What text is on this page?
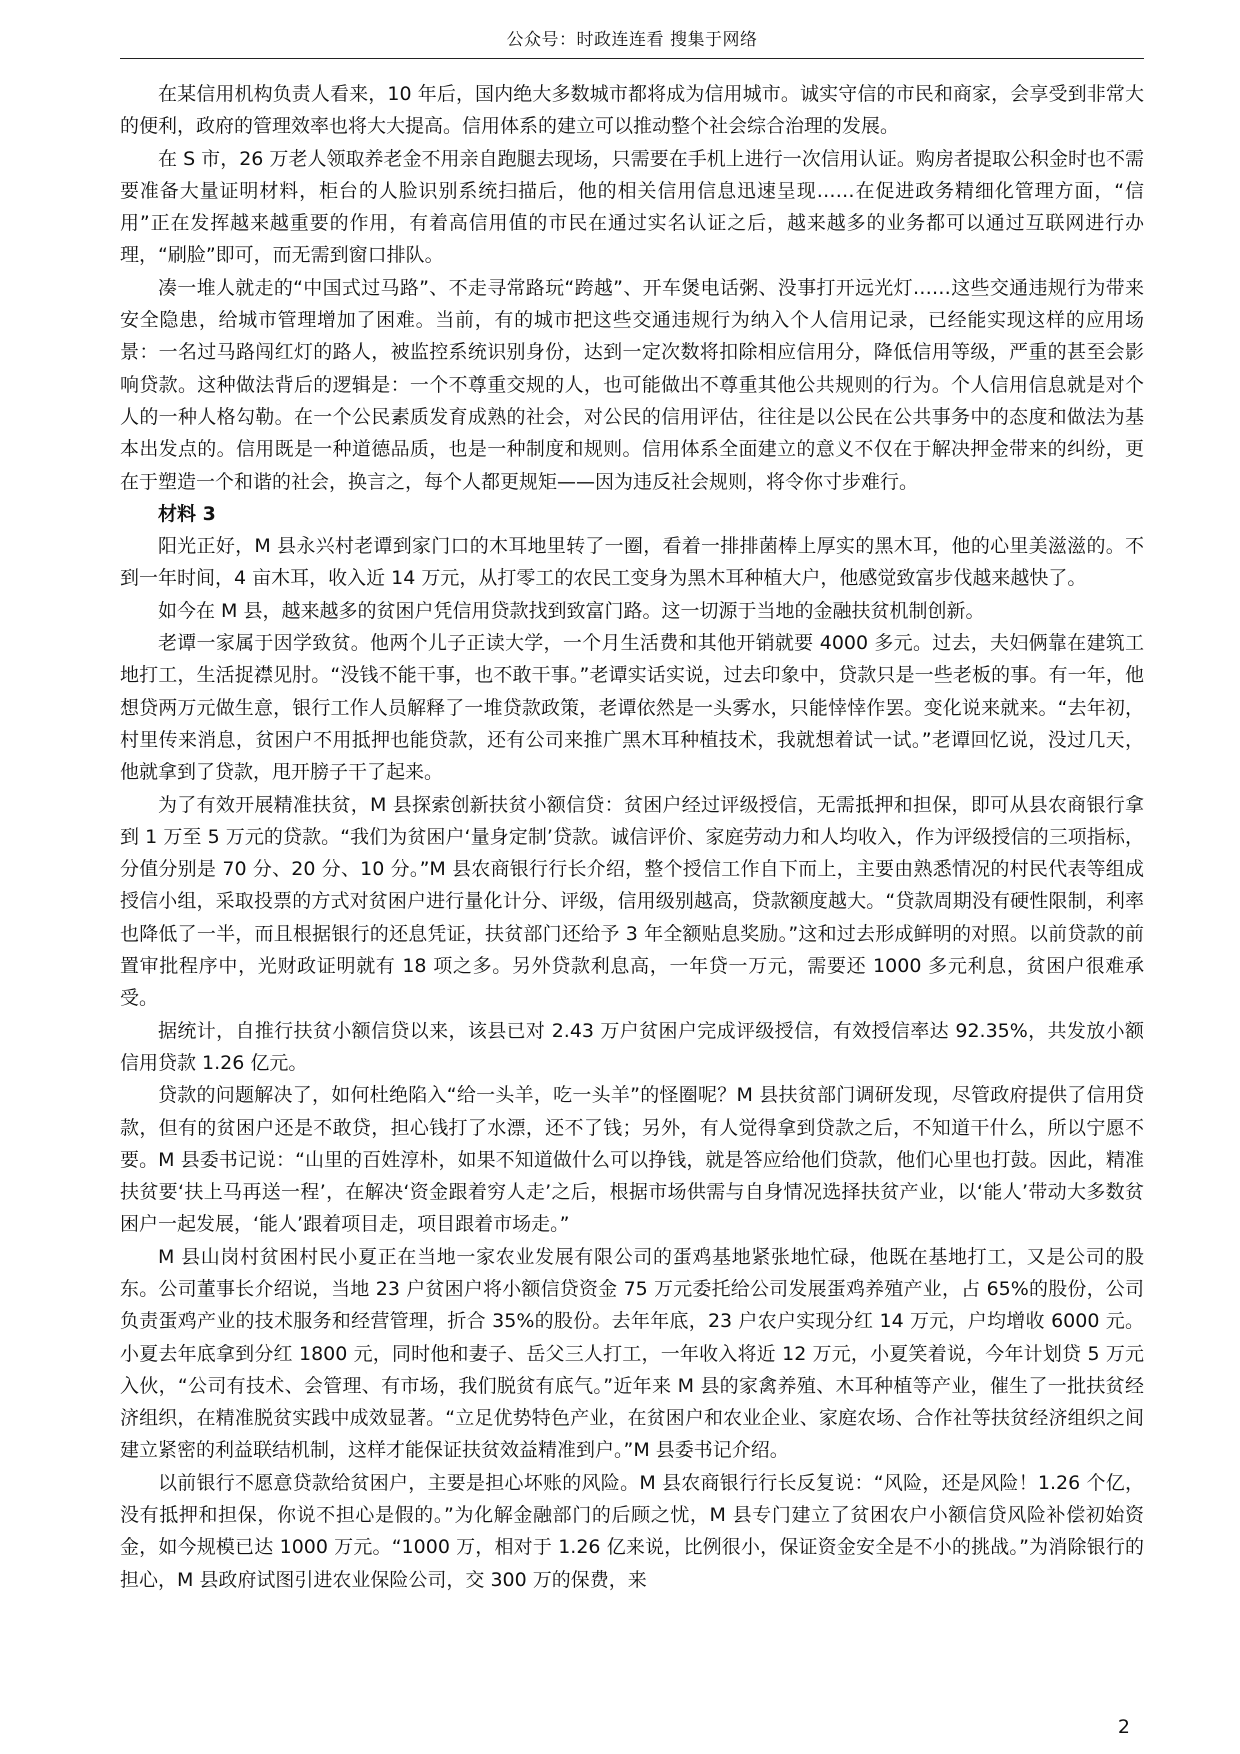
公众号：时政连连看 搜集于网络

在某信用机构负责人看来，10 年后，国内绝大多数城市都将成为信用城市。诚实守信的市民和商家，会享受到非常大的便利，政府的管理效率也将大大提高。信用体系的建立可以推动整个社会综合治理的发展。

在 S 市，26 万老人领取养老金不用亲自跑腿去现场，只需要在手机上进行一次信用认证。购房者提取公积金时也不需要准备大量证明材料，柜台的人脸识别系统扫描后，他的相关信用信息迅速呈现……在促进政务精细化管理方面，“信用”正在发挥越来越重要的作用，有着高信用值的市民在通过实名认证之后，越来越多的业务都可以通过互联网进行办理，“刷脸”即可，而无需到窗口排队。

凑一堆人就走的“中国式过马路”、不走寻常路玩“跨越”、开车煲电话粥、没事打开远光灯……这些交通违规行为带来安全隐患，给城市管理增加了困难。当前，有的城市把这些交通违规行为纳入个人信用记录，已经能实现这样的应用场景：一名过马路闯红灯的路人，被监控系统识别身份，达到一定次数将扣除相应信用分，降低信用等级，严重的甚至会影响贷款。这种做法背后的逻辑是：一个不尊重交规的人，也可能做出不尊重其他公共规则的行为。个人信用信息就是对个人的一种人格勾勒。在一个公民素质发育成熟的社会，对公民的信用评估，往往是以公民在公共事务中的态度和做法为基本出发点的。信用既是一种道德品质，也是一种制度和规则。信用体系全面建立的意义不仅在于解决押金带来的纠纷，更在于塑造一个和谐的社会，换言之，每个人都更规矩——因为违反社会规则，将令你寸步难行。

材料 3

阳光正好，M 县永兴村老谭到家门口的木耳地里转了一圈，看着一排排菌棒上厚实的黑木耳，他的心里美滋滋的。不到一年时间，4 亩木耳，收入近 14 万元，从打零工的农民工变身为黑木耳种植大户，他感觉致富步伐越来越快了。

如今在 M 县，越来越多的贫困户凭信用贷款找到致富门路。这一切源于当地的金融扶贫机制创新。

老谭一家属于因学致贫。他两个儿子正读大学，一个月生活费和其他开销就要 4000 多元。过去，夫妇俩靠在建筑工地打工，生活捉襟见肘。“没钱不能干事，也不敢干事。”老谭实话实说，过去印象中，贷款只是一些老板的事。有一年，他想贷两万元做生意，银行工作人员解释了一堆贷款政策，老谭依然是一头雾水，只能悻悻作罢。变化说来就来。“去年初，村里传来消息，贫困户不用抵押也能贷款，还有公司来推广黑木耳种植技术，我就想着试一试。”老谭回忆说，没过几天，他就拿到了贷款，甩开膀子干了起来。

为了有效开展精准扶贫，M 县探索创新扶贫小额信贷：贫困户经过评级授信，无需抵押和担保，即可从县农商银行拿到 1 万至 5 万元的贷款。“我们为贫困户‘量身定制’贷款。诚信评价、家庭劳动力和人均收入，作为评级授信的三项指标，分值分别是 70 分、20 分、10 分。”M 县农商银行行长介绍，整个授信工作自下而上，主要由熟悉情况的村民代表等组成授信小组，采取投票的方式对贫困户进行量化计分、评级，信用级别越高，贷款额度越大。“贷款周期没有硬性限制，利率也降低了一半，而且根据银行的还息凭证，扶贫部门还给予 3 年全额贴息奖励。”这和过去形成鲜明的对照。以前贷款的前置审批程序中，光财政证明就有 18 项之多。另外贷款利息高，一年贷一万元，需要还 1000 多元利息，贫困户很难承受。

据统计，自推行扶贫小额信贷以来，该县已对 2.43 万户贫困户完成评级授信，有效授信率达 92.35%，共发放小额信用贷款 1.26 亿元。

贷款的问题解决了，如何杜绝陷入“给一头羊，吃一头羊”的怪圈呢？M 县扶贫部门调研发现，尽管政府提供了信用贷款，但有的贫困户还是不敢贷，担心钱打了水漂，还不了钱；另外，有人觉得拿到贷款之后，不知道干什么，所以宁愿不要。M 县委书记说：“山里的百姓淳朴，如果不知道做什么可以挣钱，就是答应给他们贷款，他们心里也打鼓。因此，精准扶贫要‘扶上马再送一程’，在解决‘资金跟着穷人走’之后，根据市场供需与自身情况选择扶贫产业，以‘能人’带动大多数贫困户一起发展，‘能人’跟着项目走，项目跟着市场走。”

M 县山岗村贫困村民小夏正在当地一家农业发展有限公司的蛋鸡基地紧张地忙碌，他既在基地打工，又是公司的股东。公司董事长介绍说，当地 23 户贫困户将小额信贷资金 75 万元委托给公司发展蛋鸡养殖产业，占 65%的股份，公司负责蛋鸡产业的技术服务和经营管理，折合 35%的股份。去年年底，23 户农户实现分红 14 万元，户均增收 6000 元。小夏去年底拿到分红 1800 元，同时他和妻子、岳父三人打工，一年收入将近 12 万元，小夏笑着说，今年计划贷 5 万元入伙，“公司有技术、会管理、有市场，我们脱贫有底气。”近年来 M 县的家禽养殖、木耳种植等产业，催生了一批扶贫经济组织，在精准脱贫实践中成效显著。“立足优势特色产业，在贫困户和农业企业、家庭农场、合作社等扶贫经济组织之间建立紧密的利益联结机制，这样才能保证扶贫效益精准到户。”M 县委书记介绍。

以前银行不愿意贷款给贫困户，主要是担心坏账的风险。M 县农商银行行长反复说：“风险，还是风险！1.26 个亿，没有抵押和担保，你说不担心是假的。”为化解金融部门的后顾之忧，M 县专门建立了贫困农户小额信贷风险补偿初始资金，如今规模已达 1000 万元。“1000 万，相对于 1.26 亿来说，比例很小，保证资金安全是不小的挑战。”为消除银行的担心，M 县政府试图引进农业保险公司，交 300 万的保费，来

2
